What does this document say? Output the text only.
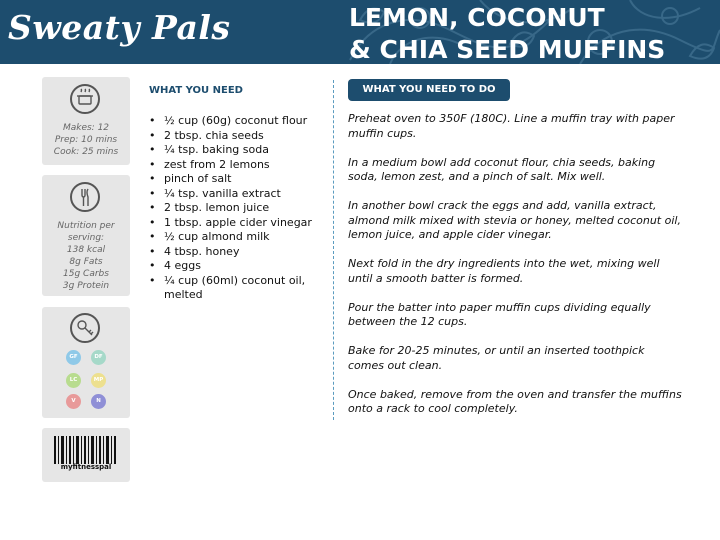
Sweaty Pals	LEMON, COCONUT
& CHIA SEED MUFFINS
Makes: 12
Prep: 10 mins
Cook: 25 mins
Nutrition per
serving:
138 kcal
8g Fats
15g Carbs
3g Protein
GF	DF
LC	MP
V	N
myfitnesspal
WHAT YOU NEED
• ½ cup (60g) coconut flour
• 2 tbsp. chia seeds
• ¼ tsp. baking soda
• zest from 2 lemons
• pinch of salt
• ¼ tsp. vanilla extract
• 2 tbsp. lemon juice
• 1 tbsp. apple cider vinegar
• ½ cup almond milk
• 4 tbsp. honey
• 4 eggs
• ¼ cup (60ml) coconut oil, melted
WHAT YOU NEED TO DO

Preheat oven to 350F (180C). Line a muffin tray with paper muffin cups.

In a medium bowl add coconut flour, chia seeds, baking soda, lemon zest, and a pinch of salt. Mix well.

In another bowl crack the eggs and add, vanilla extract, almond milk mixed with stevia or honey, melted coconut oil, lemon juice, and apple cider vinegar.

Next fold in the dry ingredients into the wet, mixing well until a smooth batter is formed.

Pour the batter into paper muffin cups dividing equally between the 12 cups.

Bake for 20-25 minutes, or until an inserted toothpick comes out clean.

Once baked, remove from the oven and transfer the muffins onto a rack to cool completely.
